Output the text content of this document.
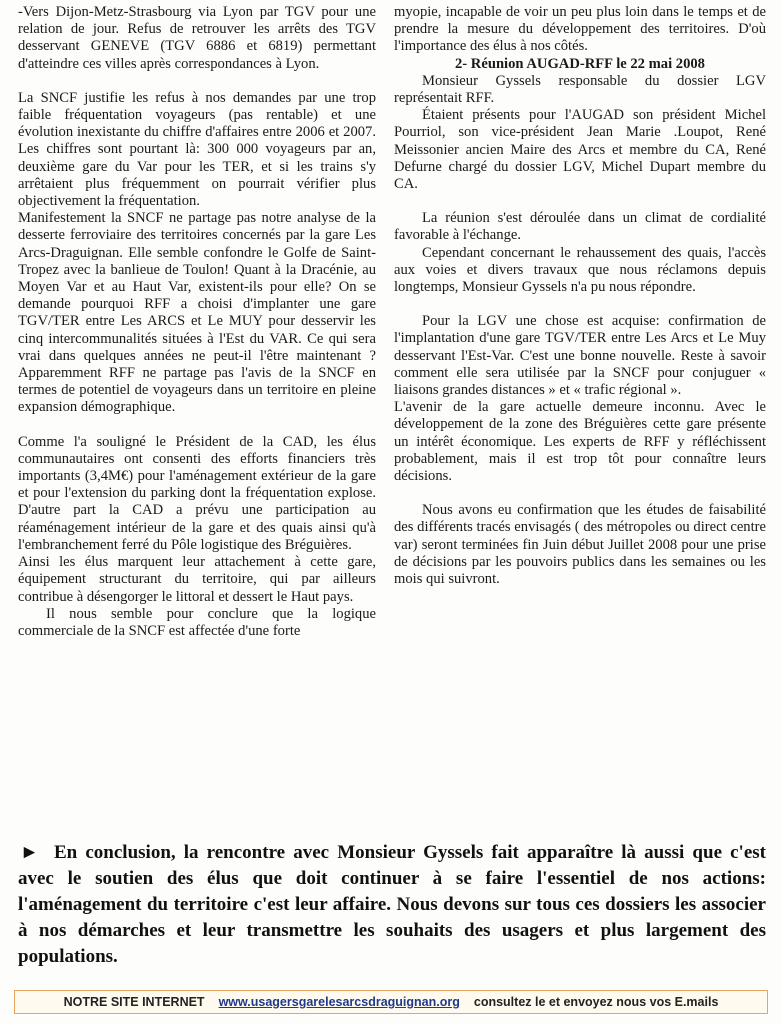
-Vers Dijon-Metz-Strasbourg via Lyon par TGV pour une relation de jour. Refus de retrouver les arrêts des TGV desservant GENEVE (TGV 6886 et 6819) permettant d'atteindre ces villes après correspondances à Lyon.

La SNCF justifie les refus à nos demandes par une trop faible fréquentation voyageurs (pas rentable) et une évolution inexistante du chiffre d'affaires entre 2006 et 2007. Les chiffres sont pourtant là: 300 000 voyageurs par an, deuxième gare du Var pour les TER, et si les trains s'y arrêtaient plus fréquemment on pourrait vérifier plus objectivement la fréquentation.

Manifestement la SNCF ne partage pas notre analyse de la desserte ferroviaire des territoires concernés par la gare Les Arcs-Draguignan. Elle semble confondre le Golfe de Saint-Tropez avec la banlieue de Toulon! Quant à la Dracénie, au Moyen Var et au Haut Var, existent-ils pour elle? On se demande pourquoi RFF a choisi d'implanter une gare TGV/TER entre Les ARCS et Le MUY pour desservir les cinq intercommunalités situées à l'Est du VAR. Ce qui sera vrai dans quelques années ne peut-il l'être maintenant ? Apparemment RFF ne partage pas l'avis de la SNCF en termes de potentiel de voyageurs dans un territoire en pleine expansion démographique.

Comme l'a souligné le Président de la CAD, les élus communautaires ont consenti des efforts financiers très importants (3,4M€) pour l'aménagement extérieur de la gare et pour l'extension du parking dont la fréquentation explose. D'autre part la CAD a prévu une participation au réaménagement intérieur de la gare et des quais ainsi qu'à l'embranchement ferré du Pôle logistique des Bréguières.

Ainsi les élus marquent leur attachement à cette gare, équipement structurant du territoire, qui par ailleurs contribue à désengorger le littoral et dessert le Haut pays.

Il nous semble pour conclure que la logique commerciale de la SNCF est affectée d'une forte

myopie, incapable de voir un peu plus loin dans le temps et de prendre la mesure du développement des territoires. D'où l'importance des élus à nos côtés.

2- Réunion AUGAD-RFF le 22 mai 2008

Monsieur Gyssels responsable du dossier LGV représentait RFF.

Étaient présents pour l'AUGAD son président Michel Pourriol, son vice-président Jean Marie .Loupot, René Meissonier ancien Maire des Arcs et membre du CA, René Defurne chargé du dossier LGV, Michel Dupart membre du CA.

La réunion s'est déroulée dans un climat de cordialité favorable à l'échange.

Cependant concernant le rehaussement des quais, l'accès aux voies et divers travaux que nous réclamons depuis longtemps, Monsieur Gyssels n'a pu nous répondre.

Pour la LGV une chose est acquise: confirmation de l'implantation d'une gare TGV/TER entre Les Arcs et Le Muy desservant l'Est-Var. C'est une bonne nouvelle. Reste à savoir comment elle sera utilisée par la SNCF pour conjuguer « liaisons grandes distances » et « trafic régional ».

L'avenir de la gare actuelle demeure inconnu. Avec le développement de la zone des Bréguières cette gare présente un intérêt économique. Les experts de RFF y réfléchissent probablement, mais il est trop tôt pour connaître leurs décisions.

Nous avons eu confirmation que les études de faisabilité des différents tracés envisagés ( des métropoles ou direct centre var) seront terminées fin Juin début Juillet 2008 pour une prise de décisions par les pouvoirs publics dans les semaines ou les mois qui suivront.

► En conclusion, la rencontre avec Monsieur Gyssels fait apparaître là aussi que c'est avec le soutien des élus que doit continuer à se faire l'essentiel de nos actions: l'aménagement du territoire c'est leur affaire. Nous devons sur tous ces dossiers les associer à nos démarches et leur transmettre les souhaits des usagers et plus largement des populations.
NOTRE SITE INTERNET www.usagersgarelesarcsdraguignan.org consultez le et envoyez nous vos E.mails
